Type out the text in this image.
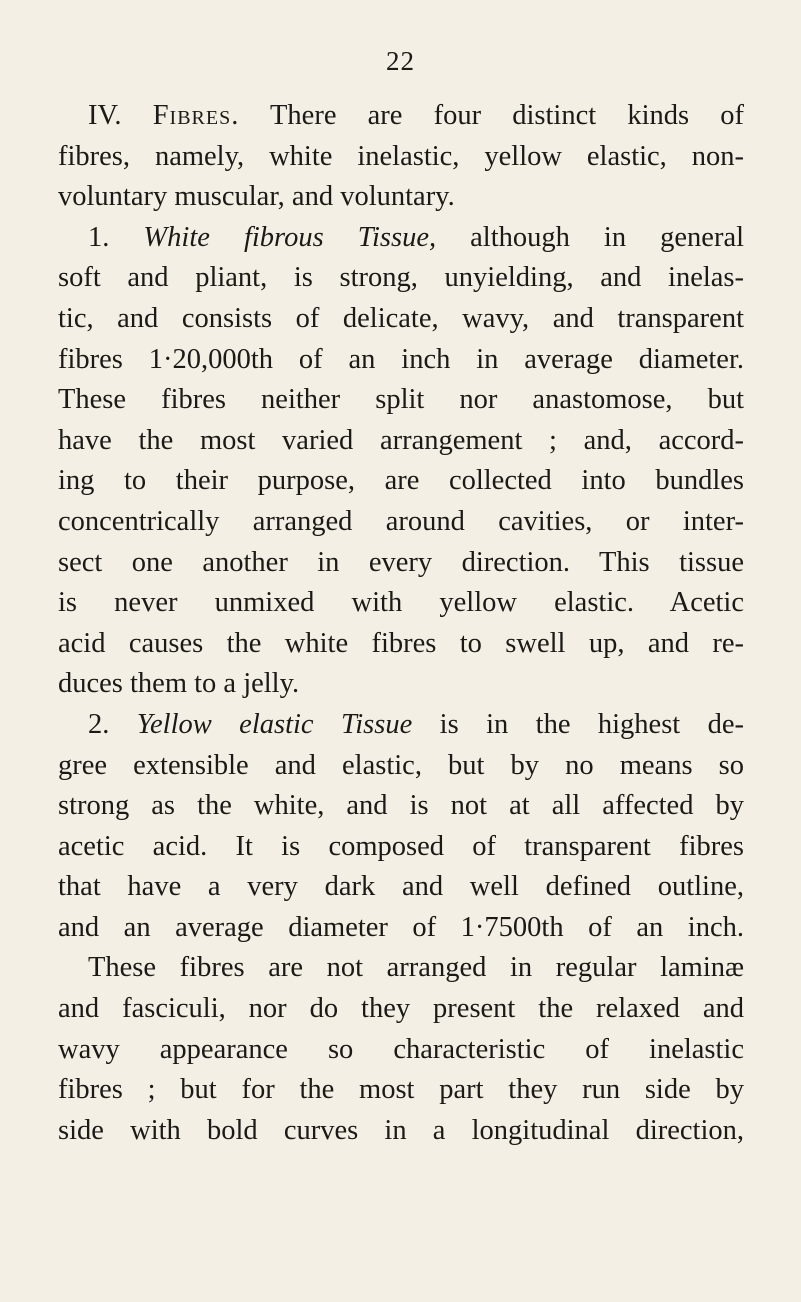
22
IV. Fibres. There are four distinct kinds of
fibres, namely, white inelastic, yellow elastic, non-
voluntary muscular, and voluntary.
1. White fibrous Tissue, although in general
soft and pliant, is strong, unyielding, and inelas-
tic, and consists of delicate, wavy, and transparent
fibres 1·20,000th of an inch in average diameter.
These fibres neither split nor anastomose, but
have the most varied arrangement ; and, accord-
ing to their purpose, are collected into bundles
concentrically arranged around cavities, or inter-
sect one another in every direction. This tissue
is never unmixed with yellow elastic. Acetic
acid causes the white fibres to swell up, and re-
duces them to a jelly.
2. Yellow elastic Tissue is in the highest de-
gree extensible and elastic, but by no means so
strong as the white, and is not at all affected by
acetic acid. It is composed of transparent fibres
that have a very dark and well defined outline,
and an average diameter of 1·7500th of an inch.
These fibres are not arranged in regular laminæ
and fasciculi, nor do they present the relaxed and
wavy appearance so characteristic of inelastic
fibres ; but for the most part they run side by
side with bold curves in a longitudinal direction,
